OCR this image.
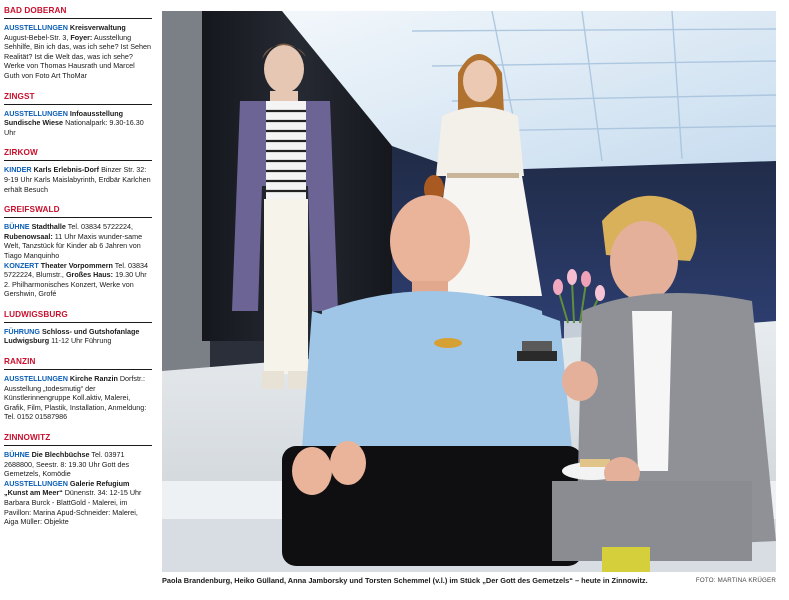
BAD DOBERAN
AUSSTELLUNGEN Kreisverwaltung August-Bebel-Str. 3, Foyer: Ausstellung Sehhilfe, Bin ich das, was ich sehe? Ist Sehen Realität? Ist die Welt das, was ich sehe? Werke von Thomas Hausrath und Marcel Guth von Foto Art ThoMar
ZINGST
AUSSTELLUNGEN Infoausstellung Sundische Wiese Nationalpark: 9.30-16.30 Uhr
ZIRKOW
KINDER Karls Erlebnis-Dorf Binzer Str. 32: 9-19 Uhr Karls Maislabyrinth, Erdbär Karlchen erhält Besuch
GREIFSWALD
BÜHNE Stadthalle Tel. 03834 5722224, Rubenowsaal: 11 Uhr Maxis wunder-same Welt, Tanzstück für Kinder ab 6 Jahren von Tiago Manquinho
KONZERT Theater Vorpommern Tel. 03834 5722224, Blumstr., Großes Haus: 19.30 Uhr 2. Philharmonisches Konzert, Werke von Gershwin, Grofé
LUDWIGSBURG
FÜHRUNG Schloss- und Gutshofanlage Ludwigsburg 11-12 Uhr Führung
RANZIN
AUSSTELLUNGEN Kirche Ranzin Dorfstr.: Ausstellung „todesmutig“ der Künstlerinnengruppe Koll.aktiv, Malerei, Grafik, Film, Plastik, Installation, Anmeldung: Tel. 0152 01587986
ZINNOWITZ
BÜHNE Die Blechbüchse Tel. 03971 2688800, Seestr. 8: 19.30 Uhr Gott des Gemetzels, Komödie
AUSSTELLUNGEN Galerie Refugium „Kunst am Meer“ Dünenstr. 34: 12-15 Uhr Barbara Burck - BlattGold - Malerei, im Pavillon: Marina Apud-Schneider: Malerei, Aiga Müller: Objekte
Paola Brandenburg, Heiko Gülland, Anna Jamborsky und Torsten Schemmel (v.l.) im Stück „Der Gott des Gemetzels“ – heute in Zinnowitz.	FOTO: MARTINA KRÜGER
